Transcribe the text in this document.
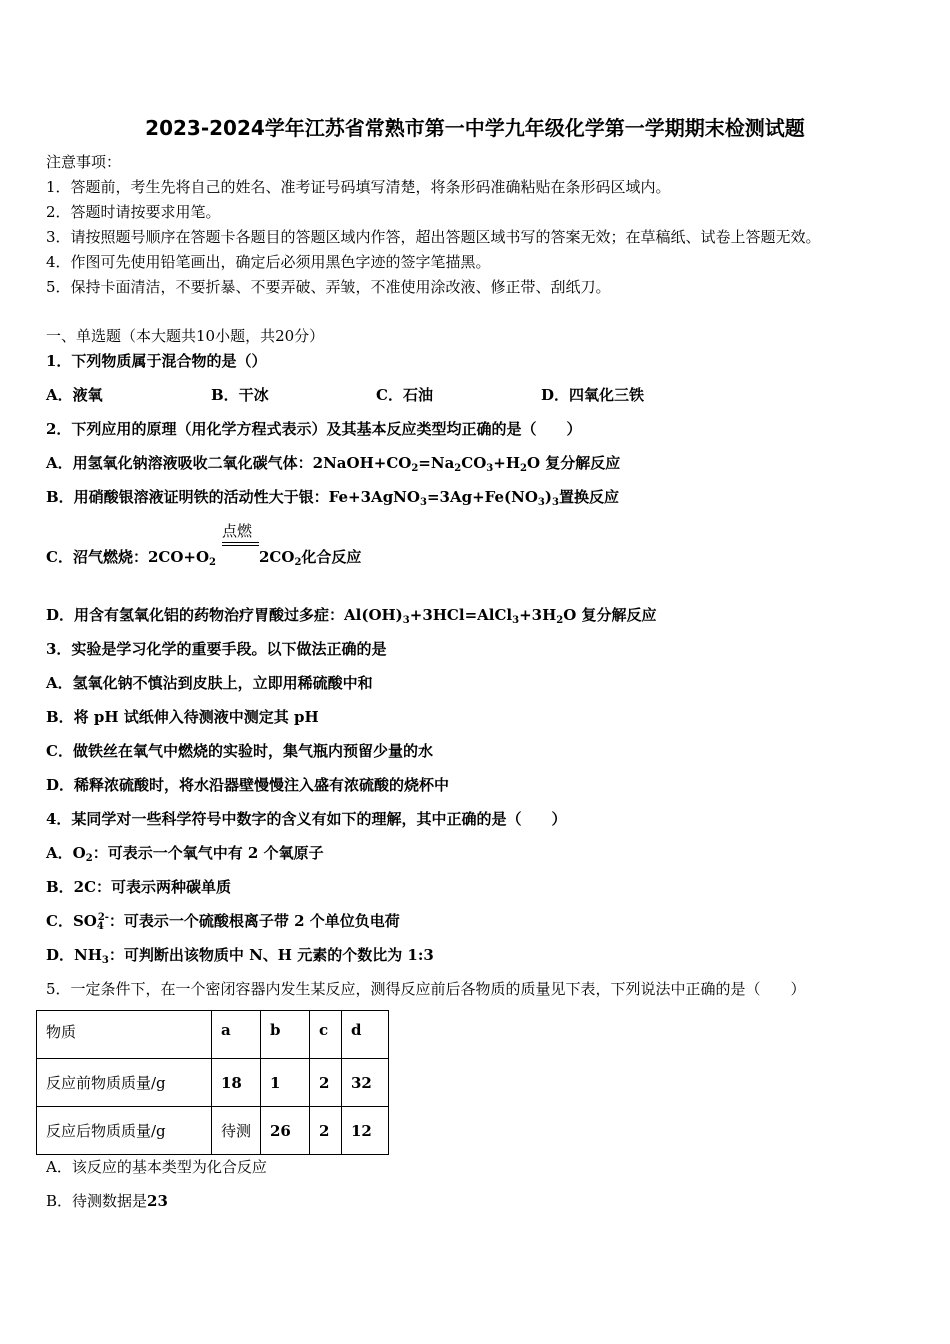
2023-2024学年江苏省常熟市第一中学九年级化学第一学期期末检测试题
注意事项：
1．答题前，考生先将自己的姓名、准考证号码填写清楚，将条形码准确粘贴在条形码区域内。
2．答题时请按要求用笔。
3．请按照题号顺序在答题卡各题目的答题区域内作答，超出答题区域书写的答案无效；在草稿纸、试卷上答题无效。
4．作图可先使用铅笔画出，确定后必须用黑色字迹的签字笔描黑。
5．保持卡面清洁，不要折暴、不要弄破、弄皱，不准使用涂改液、修正带、刮纸刀。
一、单选题（本大题共10小题，共20分）
1．下列物质属于混合物的是（）
A．液氧	B．干冰	C．石油	D．四氧化三铁
2．下列应用的原理（用化学方程式表示）及其基本反应类型均正确的是（　　）
A．用氢氧化钠溶液吸收二氧化碳气体：$2NaOH+CO_2=Na_2CO_3+H_2O$ 复分解反应
B．用硝酸银溶液证明铁的活动性大于银：$Fe+3AgNO_3=3Ag+Fe(NO_3)_3$置换反应
点燃
C．沼气燃烧：$2CO+O_2$	$2CO_2$化合反应
D．用含有氢氧化铝的药物治疗胃酸过多症：$Al(OH)_3+3HCl=AlCl_3+3H_2O$ 复分解反应
3．实验是学习化学的重要手段。以下做法正确的是
A．氢氧化钠不慎沾到皮肤上，立即用稀硫酸中和
B．将 pH 试纸伸入待测液中测定其 pH
C．做铁丝在氧气中燃烧的实验时，集气瓶内预留少量的水
D．稀释浓硫酸时，将水沿器壁慢慢注入盛有浓硫酸的烧杯中
4．某同学对一些科学符号中数字的含义有如下的理解，其中正确的是（　　）
A．$O_2$：可表示一个氧气中有 2 个氧原子
B．2C：可表示两种碳单质
C．$SO_4^{2-}$：可表示一个硫酸根离子带 2 个单位负电荷
D．$NH_3$：可判断出该物质中 N、H 元素的个数比为 1:3
5．一定条件下，在一个密闭容器内发生某反应，测得反应前后各物质的质量见下表，下列说法中正确的是（　　）
物质	a	b	c	d
反应前物质质量/g	18	1	2	32
反应后物质质量/g	待测	26	2	12
A．该反应的基本类型为化合反应
B．待测数据是23
